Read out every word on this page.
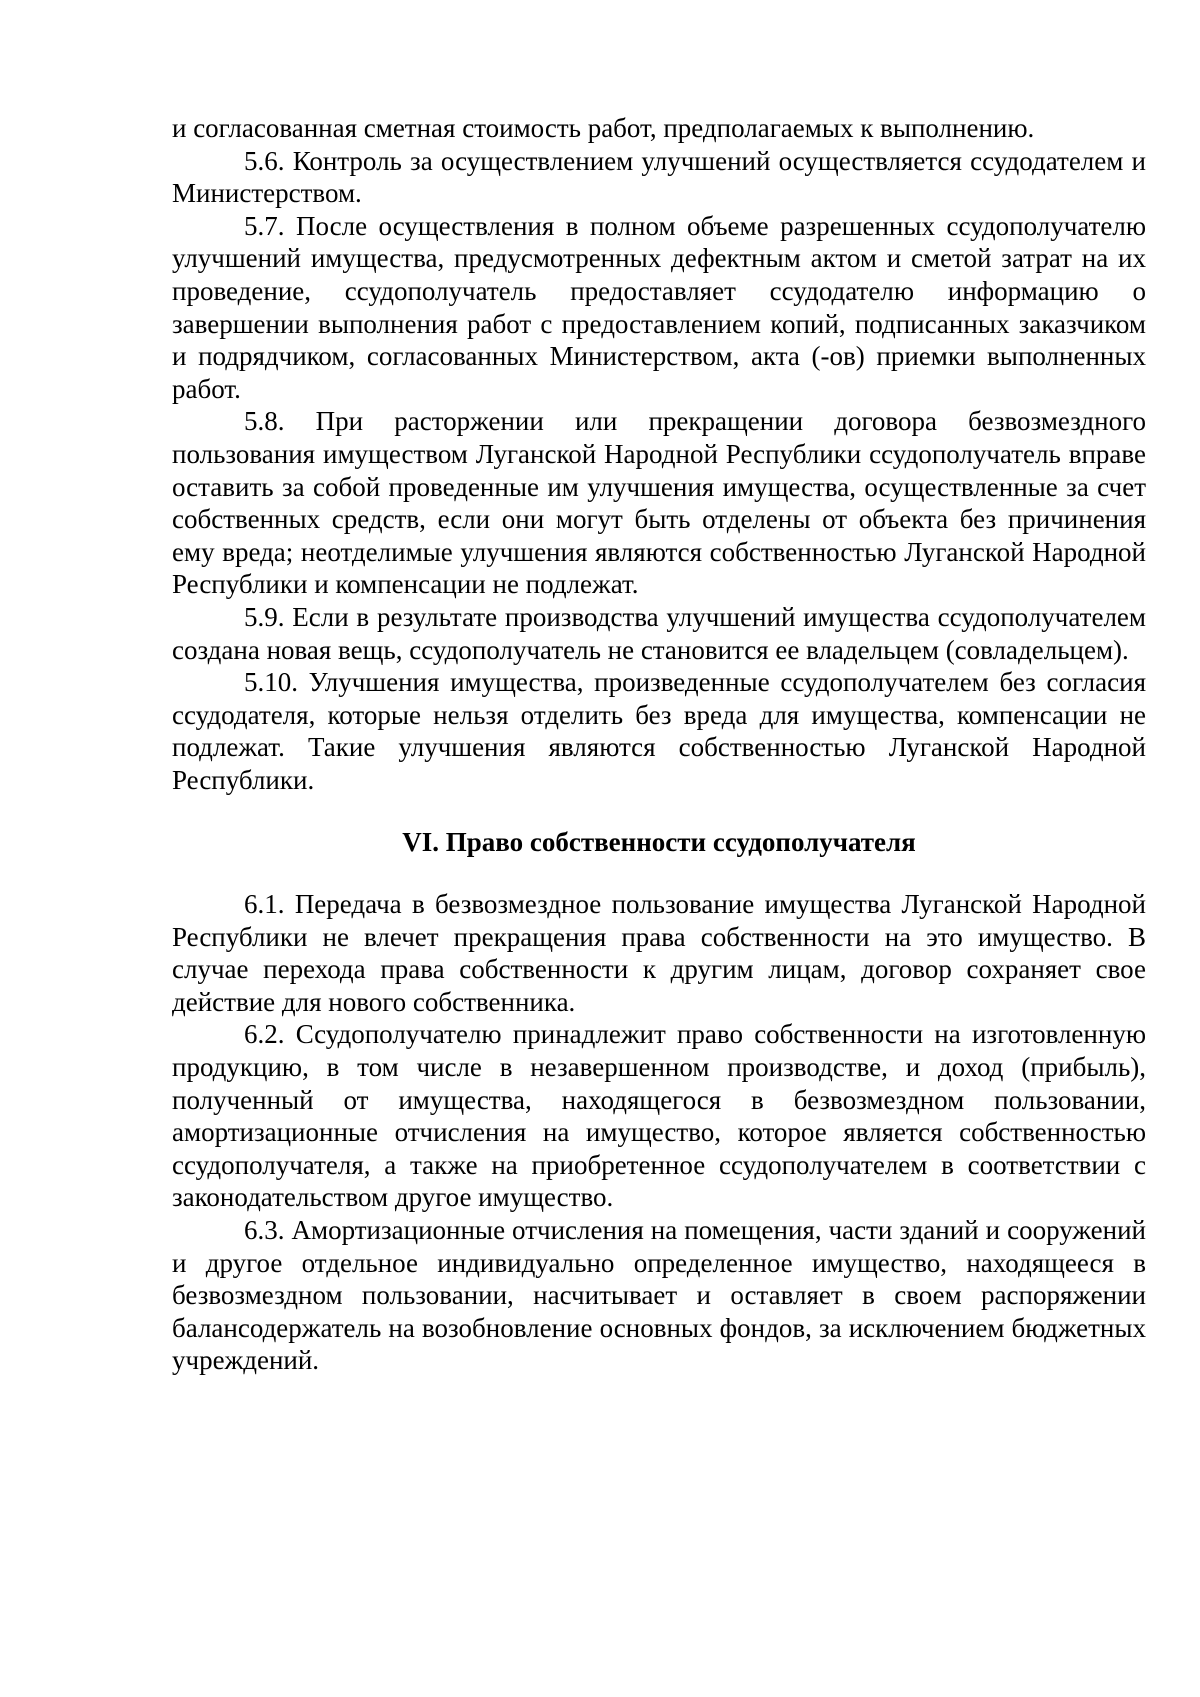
и согласованная сметная стоимость работ, предполагаемых к выполнению.

5.6. Контроль за осуществлением улучшений осуществляется ссудодателем и Министерством.

5.7. После осуществления в полном объеме разрешенных ссудополучателю улучшений имущества, предусмотренных дефектным актом и сметой затрат на их проведение, ссудополучатель предоставляет ссудодателю информацию о завершении выполнения работ с предоставлением копий, подписанных заказчиком и подрядчиком, согласованных Министерством, акта (-ов) приемки выполненных работ.

5.8. При расторжении или прекращении договора безвозмездного пользования имуществом Луганской Народной Республики ссудополучатель вправе оставить за собой проведенные им улучшения имущества, осуществленные за счет собственных средств, если они могут быть отделены от объекта без причинения ему вреда; неотделимые улучшения являются собственностью Луганской Народной Республики и компенсации не подлежат.

5.9. Если в результате производства улучшений имущества ссудополучателем создана новая вещь, ссудополучатель не становится ее владельцем (совладельцем).

5.10. Улучшения имущества, произведенные ссудополучателем без согласия ссудодателя, которые нельзя отделить без вреда для имущества, компенсации не подлежат. Такие улучшения являются собственностью Луганской Народной Республики.

VI. Право собственности ссудополучателя

6.1. Передача в безвозмездное пользование имущества Луганской Народной Республики не влечет прекращения права собственности на это имущество. В случае перехода права собственности к другим лицам, договор сохраняет свое действие для нового собственника.

6.2. Ссудополучателю принадлежит право собственности на изготовленную продукцию, в том числе в незавершенном производстве, и доход (прибыль), полученный от имущества, находящегося в безвозмездном пользовании, амортизационные отчисления на имущество, которое является собственностью ссудополучателя, а также на приобретенное ссудополучателем в соответствии с законодательством другое имущество.

6.3. Амортизационные отчисления на помещения, части зданий и сооружений и другое отдельное индивидуально определенное имущество, находящееся в безвозмездном пользовании, насчитывает и оставляет в своем распоряжении балансодержатель на возобновление основных фондов, за исключением бюджетных учреждений.
